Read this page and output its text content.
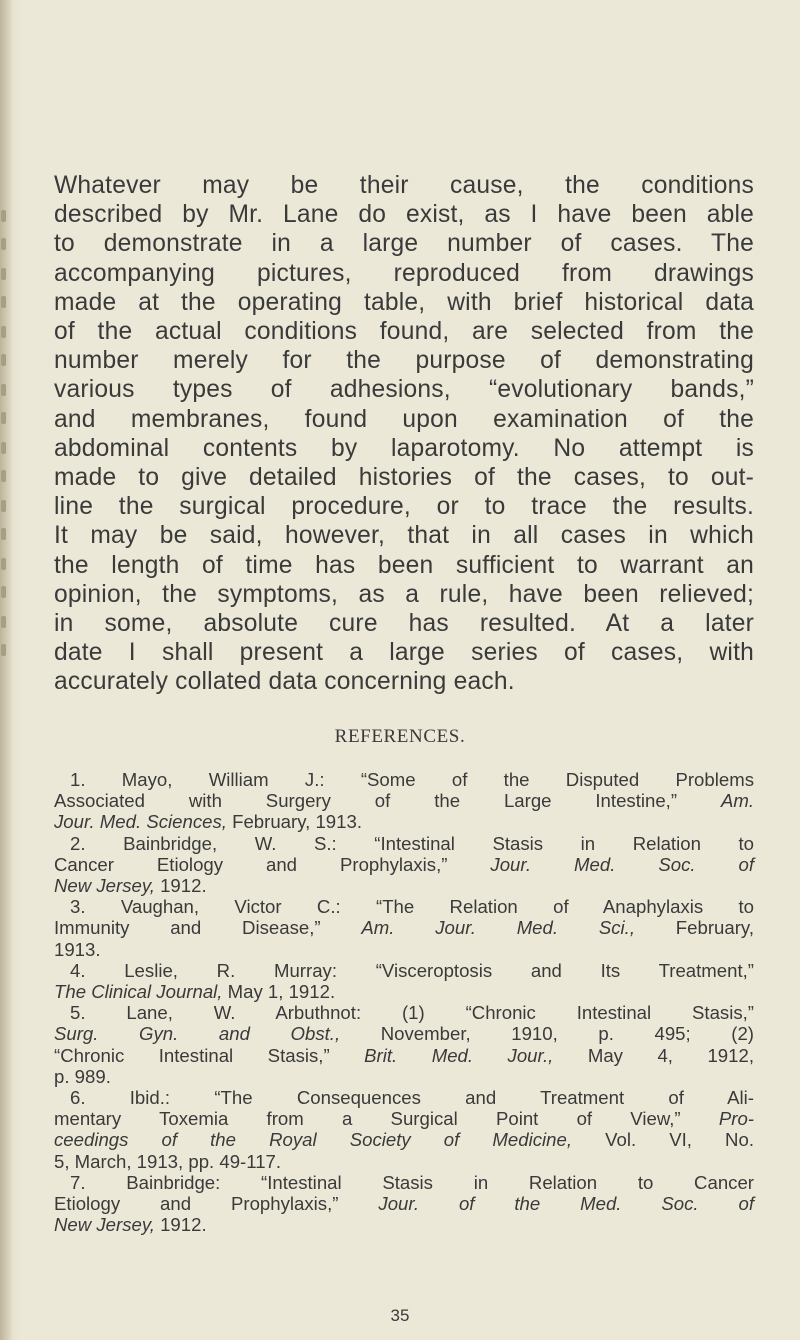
Whatever may be their cause, the conditions
described by Mr. Lane do exist, as I have been able
to demonstrate in a large number of cases. The
accompanying pictures, reproduced from drawings
made at the operating table, with brief historical data
of the actual conditions found, are selected from the
number merely for the purpose of demonstrating
various types of adhesions, “evolutionary bands,”
and membranes, found upon examination of the
abdominal contents by laparotomy. No attempt is
made to give detailed histories of the cases, to out-
line the surgical procedure, or to trace the results.
It may be said, however, that in all cases in which
the length of time has been sufficient to warrant an
opinion, the symptoms, as a rule, have been relieved;
in some, absolute cure has resulted. At a later
date I shall present a large series of cases, with
accurately collated data concerning each.
REFERENCES.
1. Mayo, William J.: “Some of the Disputed Problems
Associated with Surgery of the Large Intestine,” Am.
Jour. Med. Sciences, February, 1913.
2. Bainbridge, W. S.: “Intestinal Stasis in Relation to
Cancer Etiology and Prophylaxis,” Jour. Med. Soc. of
New Jersey, 1912.
3. Vaughan, Victor C.: “The Relation of Anaphylaxis to
Immunity and Disease,” Am. Jour. Med. Sci., February,
1913.
4. Leslie, R. Murray: “Visceroptosis and Its Treatment,”
The Clinical Journal, May 1, 1912.
5. Lane, W. Arbuthnot: (1) “Chronic Intestinal Stasis,”
Surg. Gyn. and Obst., November, 1910, p. 495; (2)
“Chronic Intestinal Stasis,” Brit. Med. Jour., May 4, 1912,
p. 989.
6. Ibid.: “The Consequences and Treatment of Ali-
mentary Toxemia from a Surgical Point of View,” Pro-
ceedings of the Royal Society of Medicine, Vol. VI, No.
5, March, 1913, pp. 49-117.
7. Bainbridge: “Intestinal Stasis in Relation to Cancer
Etiology and Prophylaxis,” Jour. of the Med. Soc. of
New Jersey, 1912.
35
